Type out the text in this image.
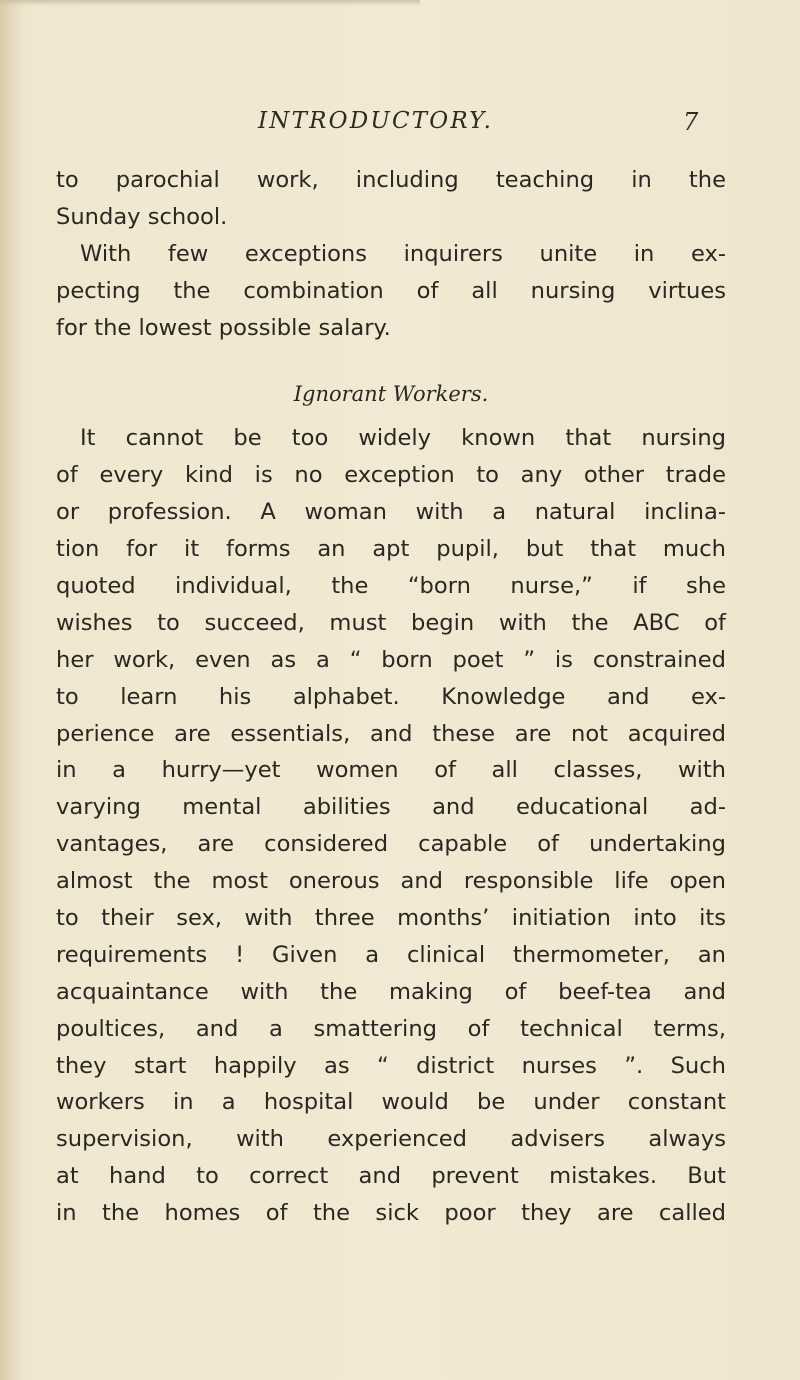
INTRODUCTORY.	7
to parochial work, including teaching in the
Sunday school.
With few exceptions inquirers unite in ex-
pecting the combination of all nursing virtues
for the lowest possible salary.
Ignorant Workers.
It cannot be too widely known that nursing
of every kind is no exception to any other trade
or profession. A woman with a natural inclina-
tion for it forms an apt pupil, but that much
quoted individual, the “born nurse,” if she
wishes to succeed, must begin with the ABC of
her work, even as a “ born poet ” is constrained
to learn his alphabet. Knowledge and ex-
perience are essentials, and these are not acquired
in a hurry—yet women of all classes, with
varying mental abilities and educational ad-
vantages, are considered capable of undertaking
almost the most onerous and responsible life open
to their sex, with three months’ initiation into its
requirements ! Given a clinical thermometer, an
acquaintance with the making of beef-tea and
poultices, and a smattering of technical terms,
they start happily as “ district nurses ”. Such
workers in a hospital would be under constant
supervision, with experienced advisers always
at hand to correct and prevent mistakes. But
in the homes of the sick poor they are called
